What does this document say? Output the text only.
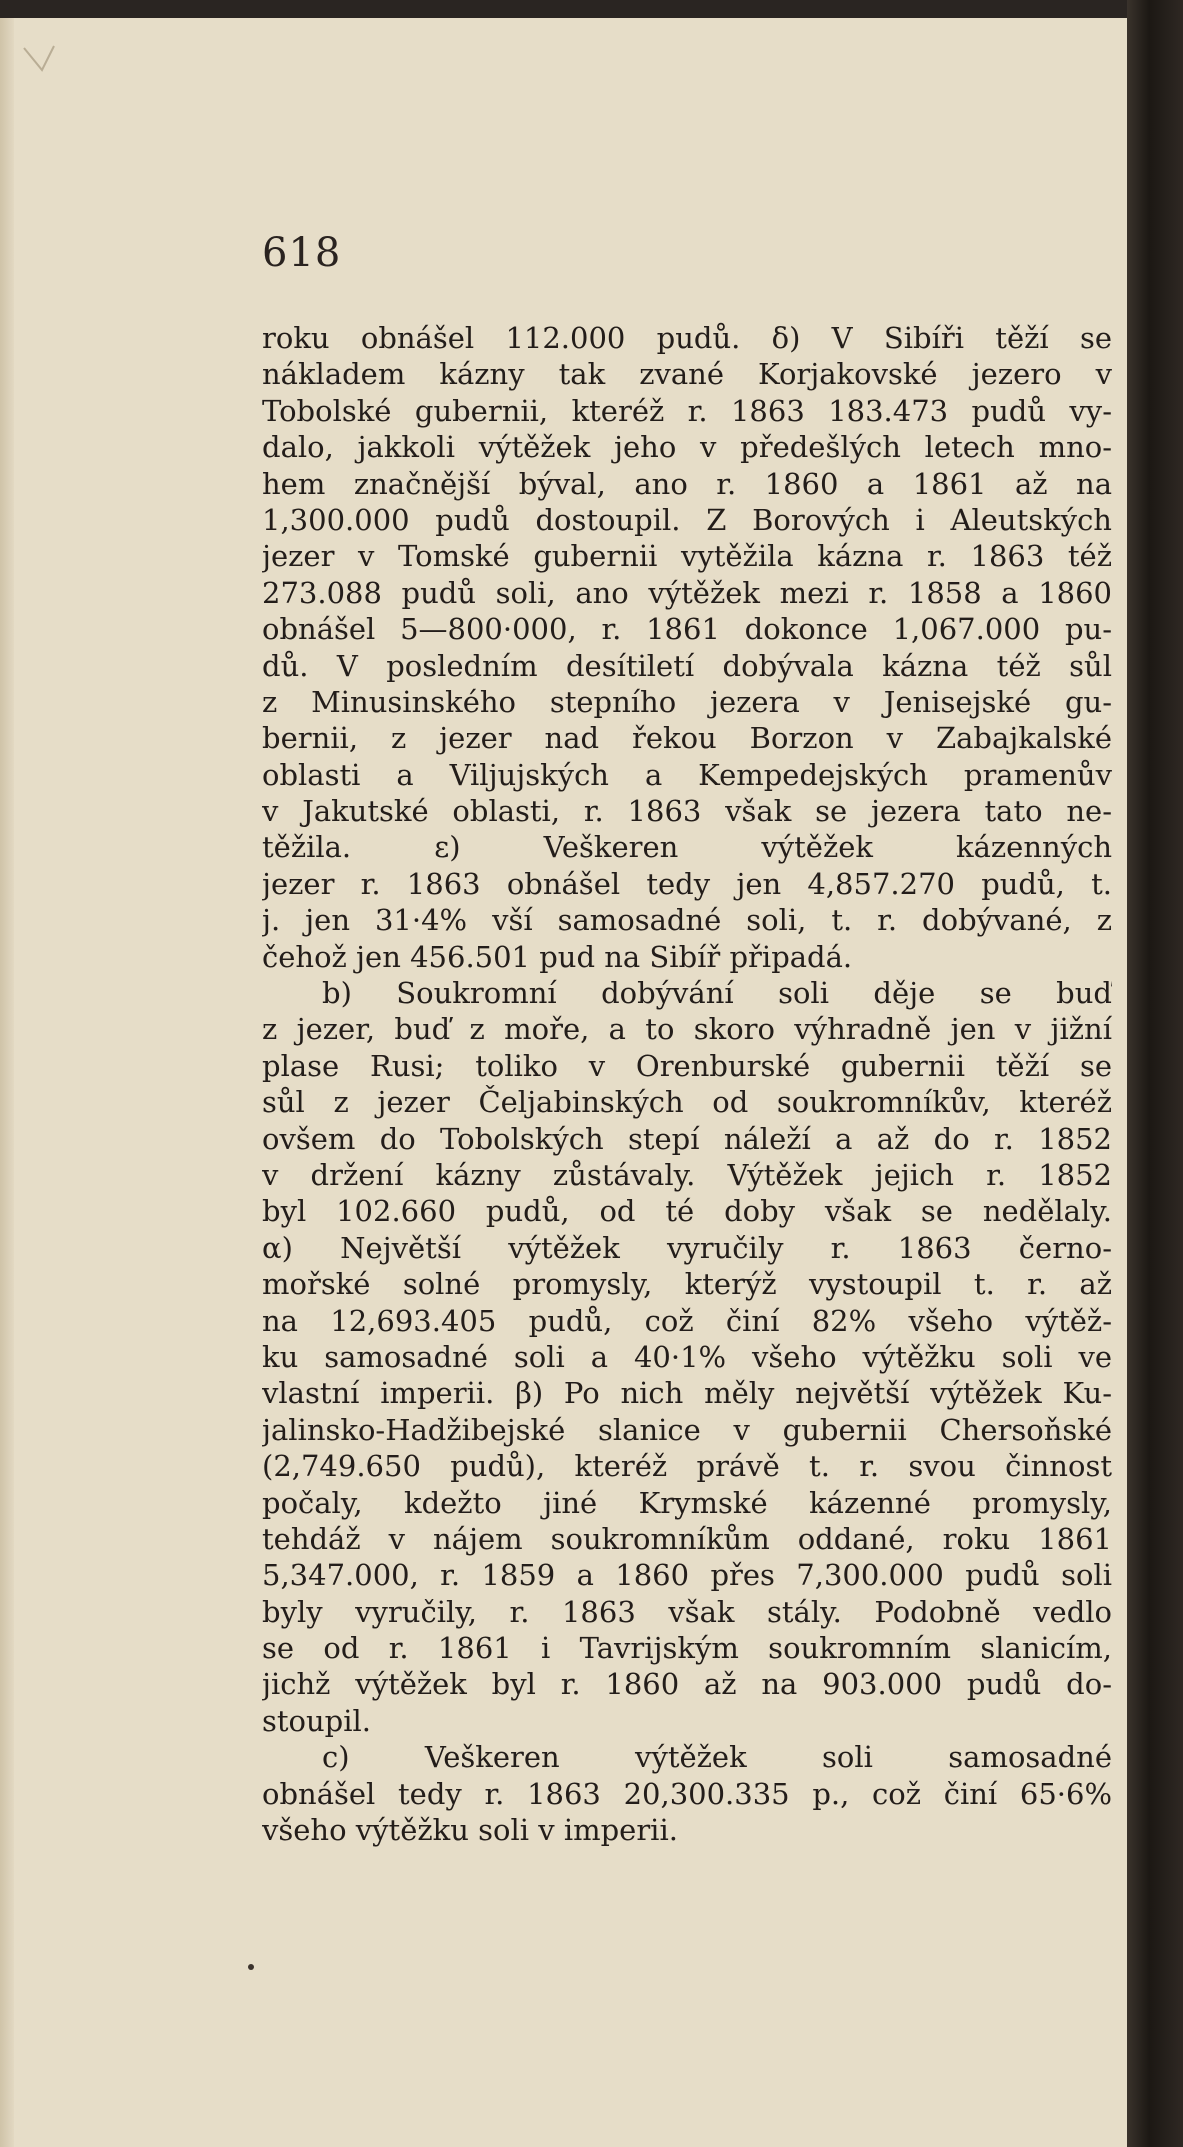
618
roku obnášel 112.000 pudů. δ) V Sibíři těží se
nákladem kázny tak zvané Korjakovské jezero v
Tobolské gubernii, kteréž r. 1863 183.473 pudů vy-
dalo, jakkoli výtěžek jeho v předešlých letech mno-
hem značnější býval, ano r. 1860 a 1861 až na
1,300.000 pudů dostoupil. Z Borových i Aleutských
jezer v Tomské gubernii vytěžila kázna r. 1863 též
273.088 pudů soli, ano výtěžek mezi r. 1858 a 1860
obnášel 5—800·000, r. 1861 dokonce 1,067.000 pu-
dů. V posledním desítiletí dobývala kázna též sůl
z Minusinského stepního jezera v Jenisejské gu-
bernii, z jezer nad řekou Borzon v Zabajkalské
oblasti a Viljujských a Kempedejských pramenův
v Jakutské oblasti, r. 1863 však se jezera tato ne-
těžila. ε) Veškeren výtěžek kázenných
jezer r. 1863 obnášel tedy jen 4,857.270 pudů, t.
j. jen 31·4% vší samosadné soli, t. r. dobývané, z
čehož jen 456.501 pud na Sibíř připadá.
b) Soukromní dobývání soli děje se buď
z jezer, buď z moře, a to skoro výhradně jen v jižní
plase Rusi; toliko v Orenburské gubernii těží se
sůl z jezer Čeljabinských od soukromníkův, kteréž
ovšem do Tobolských stepí náleží a až do r. 1852
v držení kázny zůstávaly. Výtěžek jejich r. 1852
byl 102.660 pudů, od té doby však se nedělaly.
α) Největší výtěžek vyručily r. 1863 černo-
mořské solné promysly, kterýž vystoupil t. r. až
na 12,693.405 pudů, což činí 82% všeho výtěž-
ku samosadné soli a 40·1% všeho výtěžku soli ve
vlastní imperii. β) Po nich měly největší výtěžek Ku-
jalinsko-Hadžibejské slanice v gubernii Chersoňské
(2,749.650 pudů), kteréž právě t. r. svou činnost
počaly, kdežto jiné Krymské kázenné promysly,
tehdáž v nájem soukromníkům oddané, roku 1861
5,347.000, r. 1859 a 1860 přes 7,300.000 pudů soli
byly vyručily, r. 1863 však stály. Podobně vedlo
se od r. 1861 i Tavrijským soukromním slanicím,
jichž výtěžek byl r. 1860 až na 903.000 pudů do-
stoupil.
c) Veškeren výtěžek soli samosadné
obnášel tedy r. 1863 20,300.335 p., což činí 65·6%
všeho výtěžku soli v imperii.
